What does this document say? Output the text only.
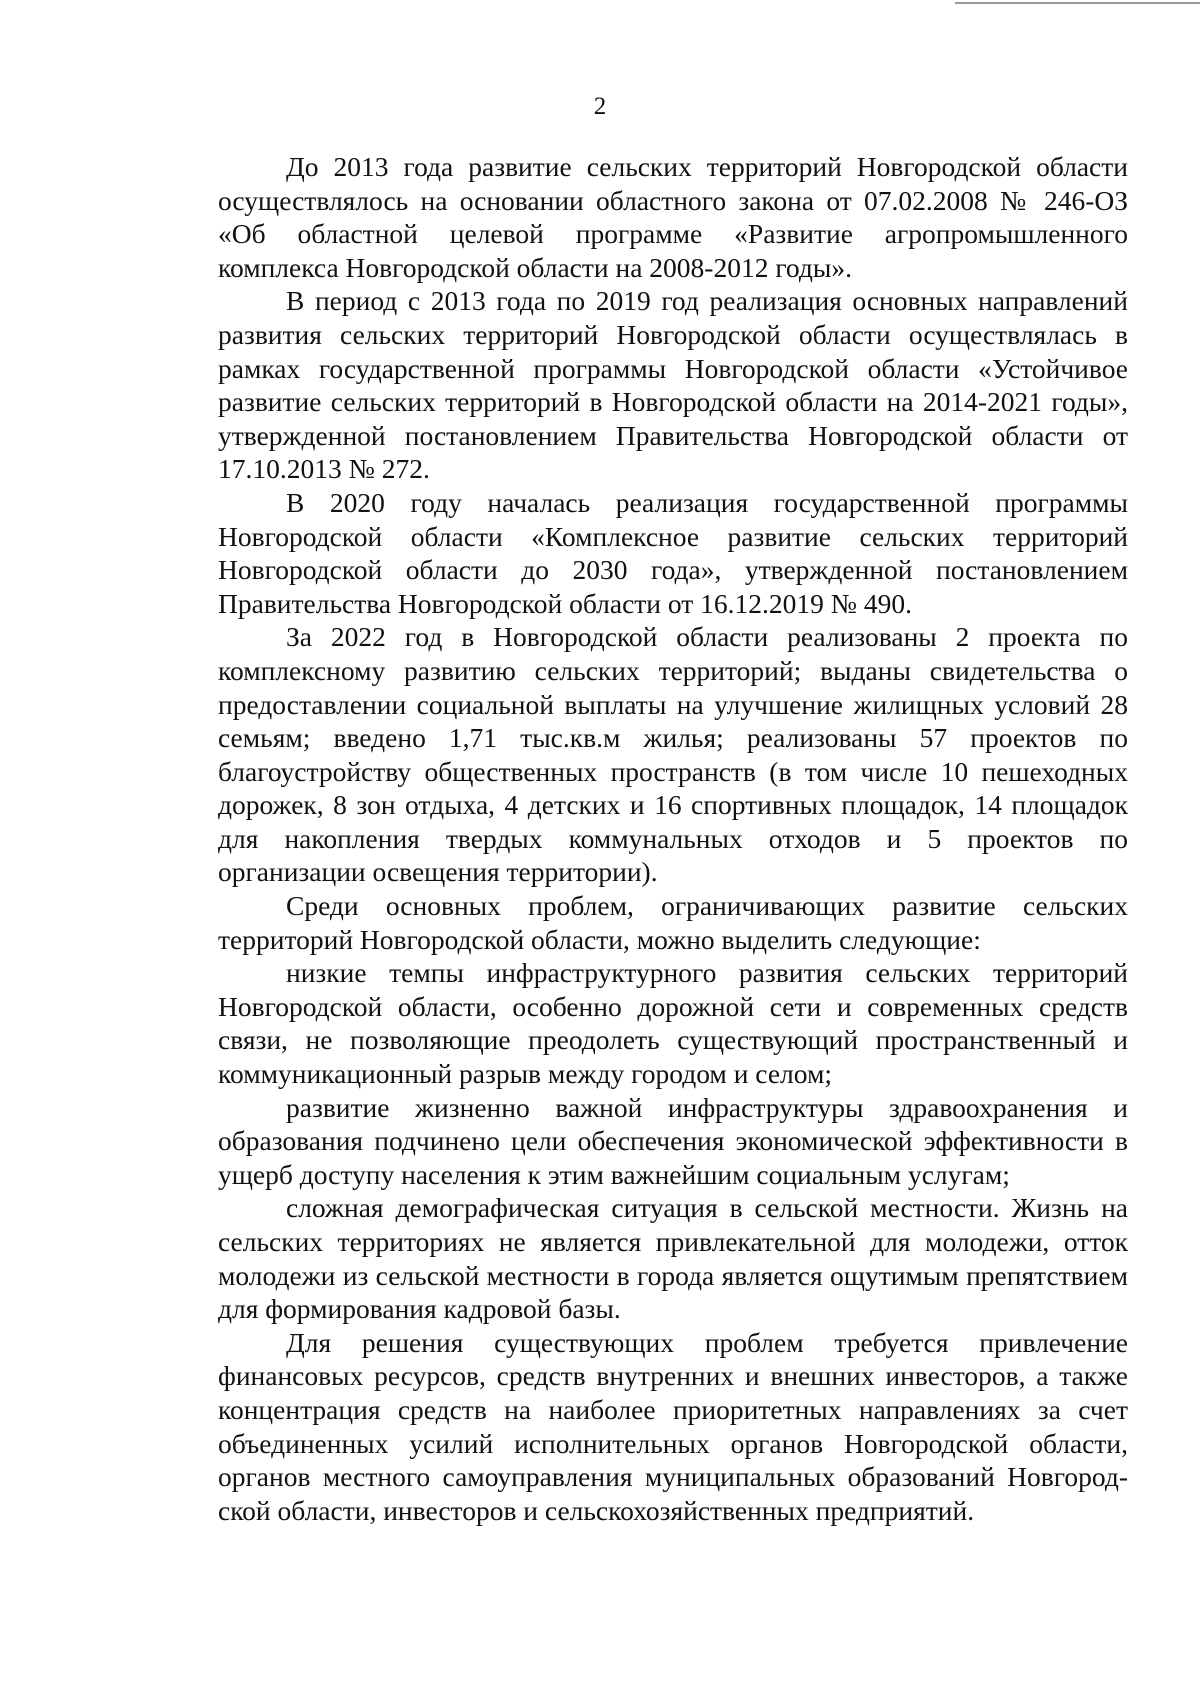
2

До 2013 года развитие сельских территорий Новгородской области осуществлялось на основании областного закона от 07.02.2008 № 246-ОЗ «Об областной целевой программе «Развитие агропромышленного комплекса Новгородской области на 2008-2012 годы».

В период с 2013 года по 2019 год реализация основных направлений развития сельских территорий Новгородской области осуществлялась в рамках государственной программы Новгородской области «Устойчивое развитие сельских территорий в Новгородской области на 2014-2021 годы», утвержденной постановлением Правительства Новгородской области от 17.10.2013 № 272.

В 2020 году началась реализация государственной программы Новгородской области «Комплексное развитие сельских территорий Новгородской области до 2030 года», утвержденной постановлением Правительства Новгородской области от 16.12.2019 № 490.

За 2022 год в Новгородской области реализованы 2 проекта по комплексному развитию сельских территорий; выданы свидетельства о предоставлении социальной выплаты на улучшение жилищных условий 28 семьям; введено 1,71 тыс.кв.м жилья; реализованы 57 проектов по благоустройству общественных пространств (в том числе 10 пешеходных дорожек, 8 зон отдыха, 4 детских и 16 спортивных площадок, 14 площадок для накопления твердых коммунальных отходов и 5 проектов по организации освещения территории).

Среди основных проблем, ограничивающих развитие сельских территорий Новгородской области, можно выделить следующие:

низкие темпы инфраструктурного развития сельских территорий Новгородской области, особенно дорожной сети и современных средств связи, не позволяющие преодолеть существующий пространственный и коммуникационный разрыв между городом и селом;

развитие жизненно важной инфраструктуры здравоохранения и образования подчинено цели обеспечения экономической эффективности в ущерб доступу населения к этим важнейшим социальным услугам;

сложная демографическая ситуация в сельской местности. Жизнь на сельских территориях не является привлекательной для молодежи, отток молодежи из сельской местности в города является ощутимым препятствием для формирования кадровой базы.

Для решения существующих проблем требуется привлечение финансовых ресурсов, средств внутренних и внешних инвесторов, а также концентрация средств на наиболее приоритетных направлениях за счет объединенных усилий исполнительных органов Новгородской области, органов местного самоуправления муниципальных образований Новгородской области, инвесторов и сельскохозяйственных предприятий.
